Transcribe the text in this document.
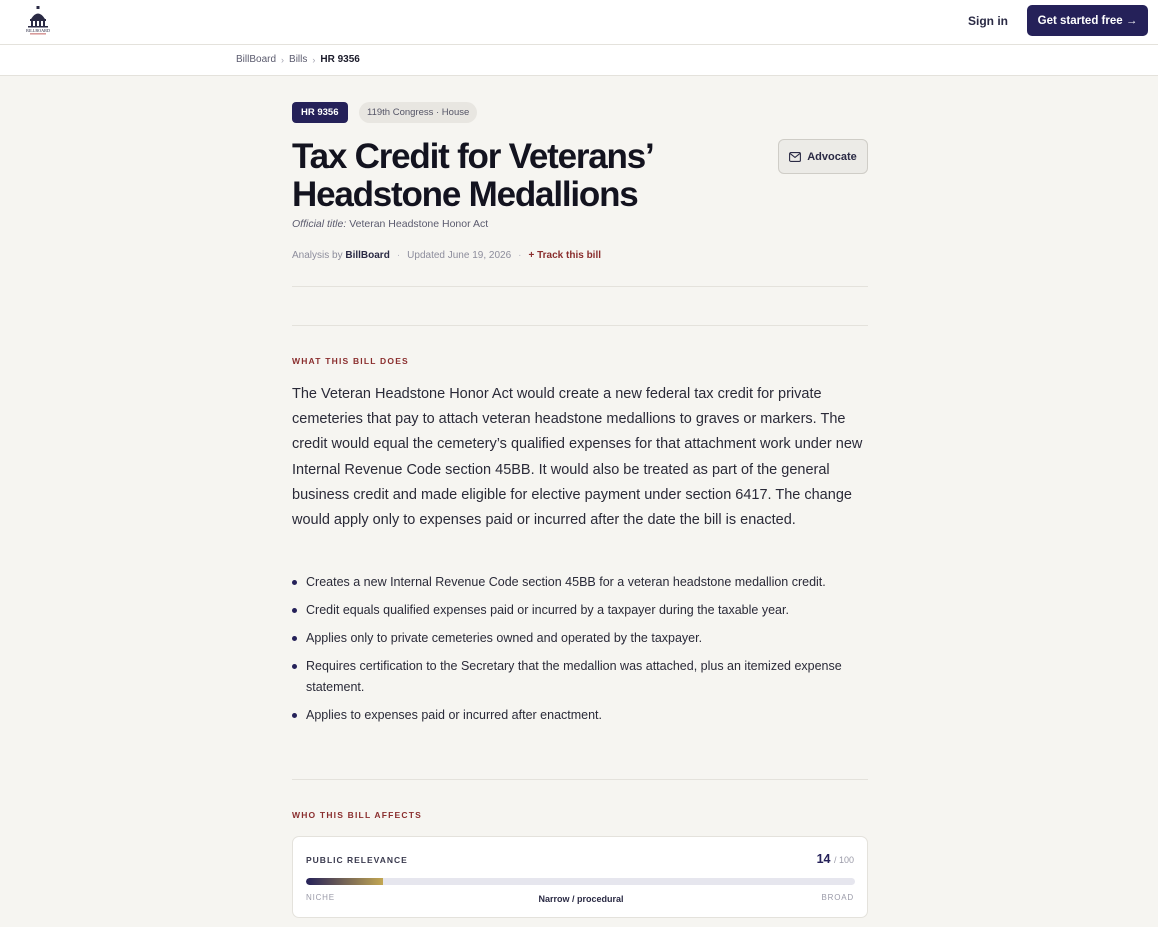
BILLBOARD
Sign in	Get started free →
BillBoard › Bills › HR 9356
HR 9356	119th Congress · House
Tax Credit for Veterans’ Headstone Medallions
Advocate
Official title: Veteran Headstone Honor Act
Analysis by BillBoard · Updated June 19, 2026 · + Track this bill
WHAT THIS BILL DOES

The Veteran Headstone Honor Act would create a new federal tax credit for private cemeteries that pay to attach veteran headstone medallions to graves or markers. The credit would equal the cemetery’s qualified expenses for that attachment work under new Internal Revenue Code section 45BB. It would also be treated as part of the general business credit and made eligible for elective payment under section 6417. The change would apply only to expenses paid or incurred after the date the bill is enacted.

Creates a new Internal Revenue Code section 45BB for a veteran headstone medallion credit.
Credit equals qualified expenses paid or incurred by a taxpayer during the taxable year.
Applies only to private cemeteries owned and operated by the taxpayer.
Requires certification to the Secretary that the medallion was attached, plus an itemized expense statement.
Applies to expenses paid or incurred after enactment.
WHO THIS BILL AFFECTS
PUBLIC RELEVANCE	14 / 100
NICHE	Narrow / procedural	BROAD
